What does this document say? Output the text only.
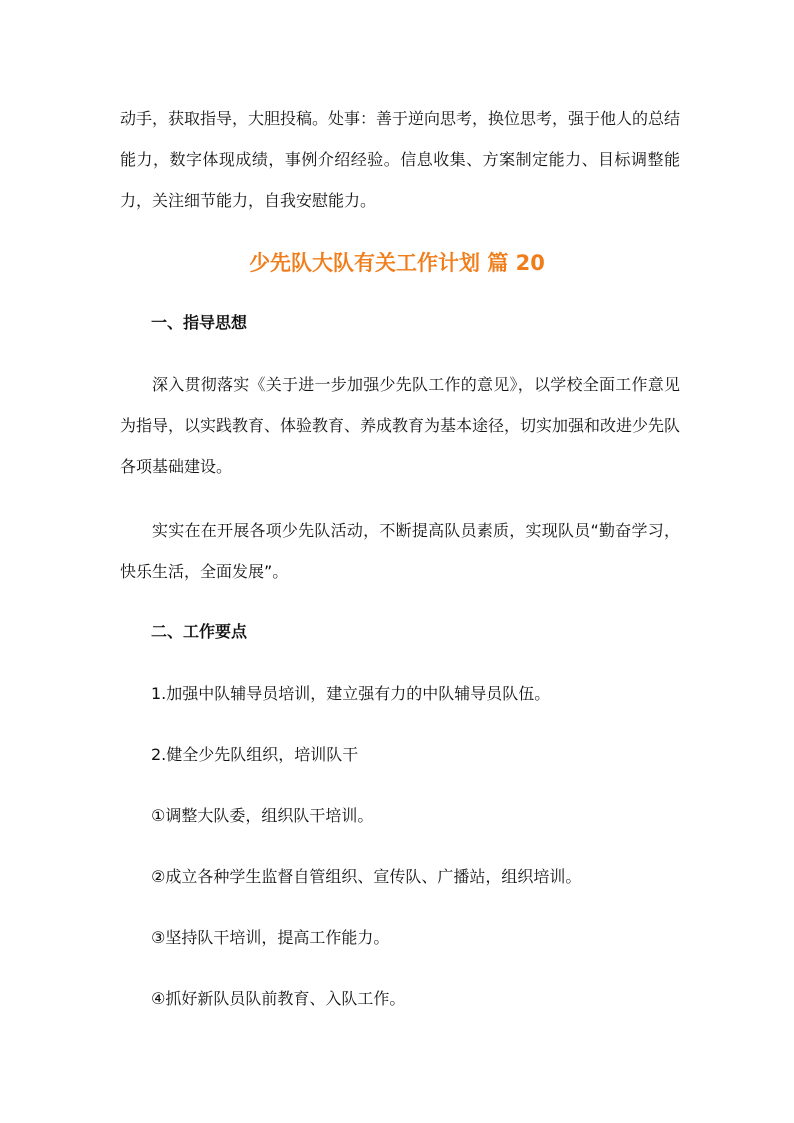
动手，获取指导，大胆投稿。处事：善于逆向思考，换位思考，强于他人的总结能力，数字体现成绩，事例介绍经验。信息收集、方案制定能力、目标调整能力，关注细节能力，自我安慰能力。

少先队大队有关工作计划 篇 20
一、指导思想

深入贯彻落实《关于进一步加强少先队工作的意见》，以学校全面工作意见为指导，以实践教育、体验教育、养成教育为基本途径，切实加强和改进少先队各项基础建设。

实实在在开展各项少先队活动，不断提高队员素质，实现队员“勤奋学习，快乐生活，全面发展”。

二、工作要点

1.加强中队辅导员培训，建立强有力的中队辅导员队伍。

2.健全少先队组织，培训队干

①调整大队委，组织队干培训。

②成立各种学生监督自管组织、宣传队、广播站，组织培训。

③坚持队干培训，提高工作能力。

④抓好新队员队前教育、入队工作。
